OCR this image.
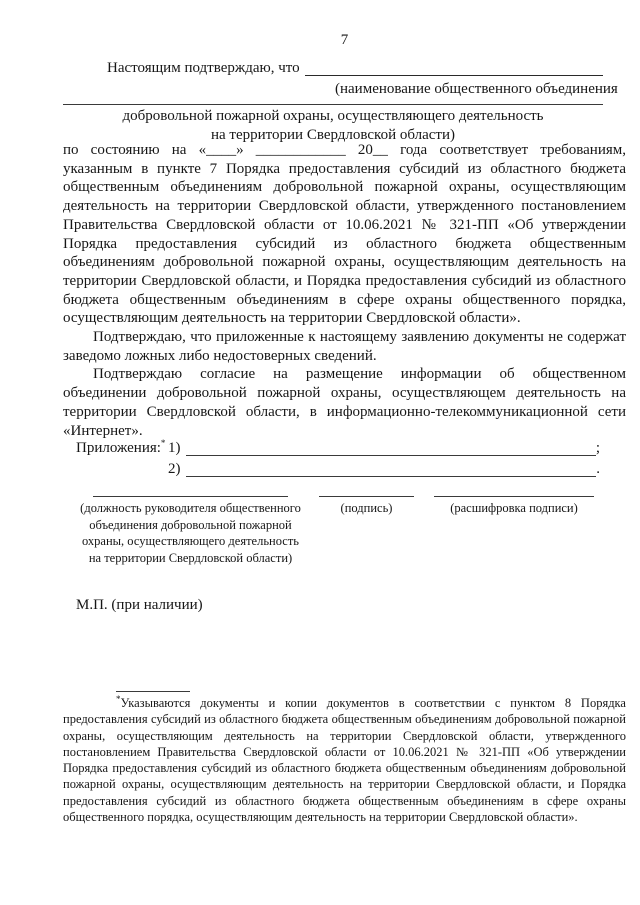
7
Настоящим подтверждаю, что
(наименование общественного объединения
добровольной пожарной охраны, осуществляющего деятельность
на территории Свердловской области)

по состоянию на «____» ____________ 20__ года соответствует требованиям, указанным в пункте 7 Порядка предоставления субсидий из областного бюджета общественным объединениям добровольной пожарной охраны, осуществляющим деятельность на территории Свердловской области, утвержденного постановлением Правительства Свердловской области от 10.06.2021 № 321-ПП «Об утверждении Порядка предоставления субсидий из областного бюджета общественным объединениям добровольной пожарной охраны, осуществляющим деятельность на территории Свердловской области, и Порядка предоставления субсидий из областного бюджета общественным объединениям в сфере охраны общественного порядка, осуществляющим деятельность на территории Свердловской области».

Подтверждаю, что приложенные к настоящему заявлению документы не содержат заведомо ложных либо недостоверных сведений.

Подтверждаю согласие на размещение информации об общественном объединении добровольной пожарной охраны, осуществляющем деятельность на территории Свердловской области, в информационно-телекоммуникационной сети «Интернет».

Приложения:* 1)	;
2)	.
(должность руководителя общественного объединения добровольной пожарной охраны, осуществляющего деятельность на территории Свердловской области)
(подпись)	(расшифровка подписи)
М.П. (при наличии)
*Указываются документы и копии документов в соответствии с пунктом 8 Порядка предоставления субсидий из областного бюджета общественным объединениям добровольной пожарной охраны, осуществляющим деятельность на территории Свердловской области, утвержденного постановлением Правительства Свердловской области от 10.06.2021 № 321-ПП «Об утверждении Порядка предоставления субсидий из областного бюджета общественным объединениям добровольной пожарной охраны, осуществляющим деятельность на территории Свердловской области, и Порядка предоставления субсидий из областного бюджета общественным объединениям в сфере охраны общественного порядка, осуществляющим деятельность на территории Свердловской области».
